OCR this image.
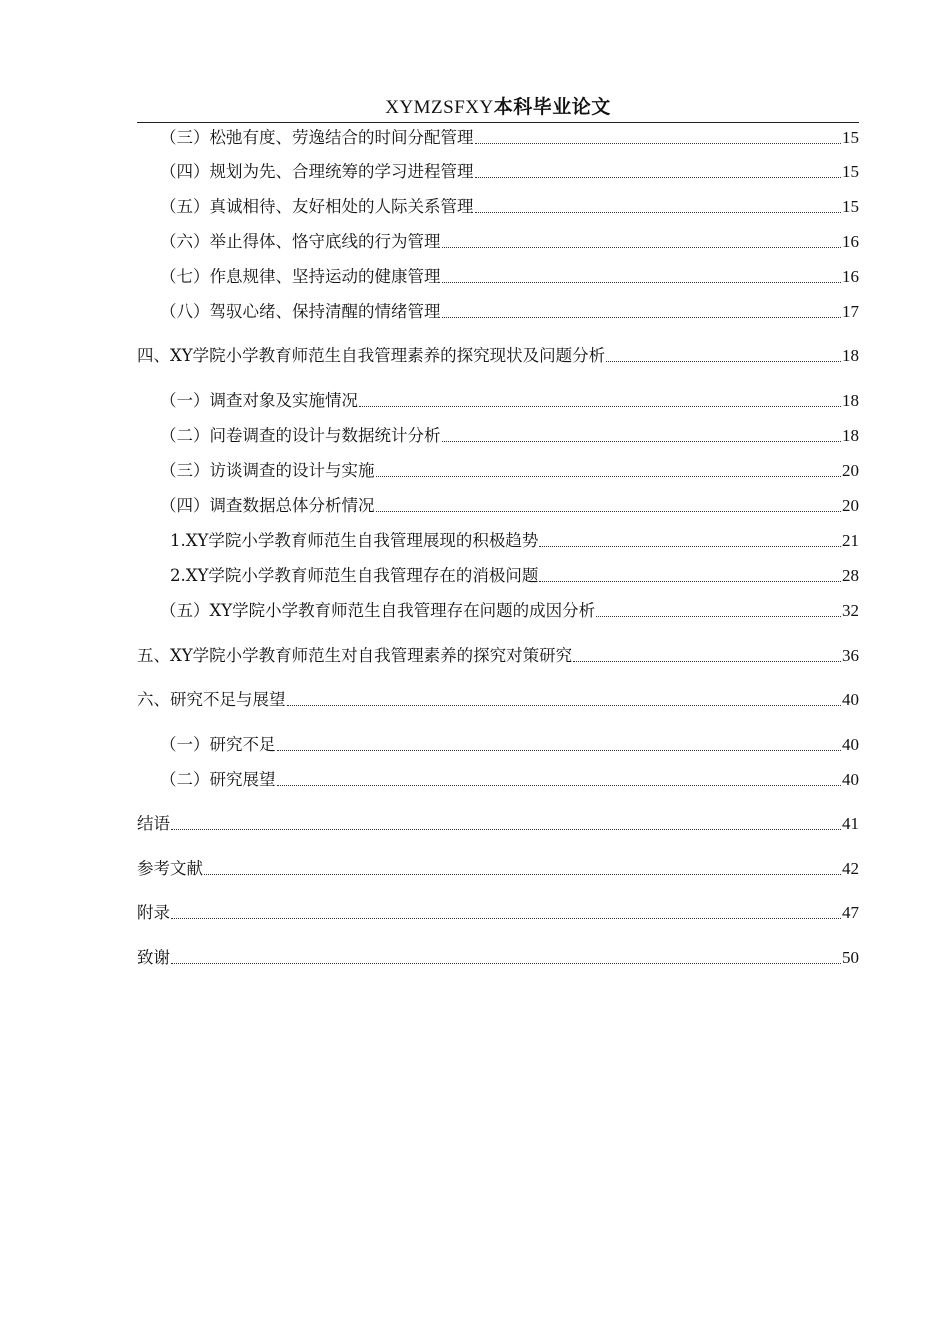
XYMZSFXY本科毕业论文
（三）松弛有度、劳逸结合的时间分配管理	15
（四）规划为先、合理统筹的学习进程管理	15
（五）真诚相待、友好相处的人际关系管理	15
（六）举止得体、恪守底线的行为管理	16
（七）作息规律、坚持运动的健康管理	16
（八）驾驭心绪、保持清醒的情绪管理	17
四、XY学院小学教育师范生自我管理素养的探究现状及问题分析	18
（一）调查对象及实施情况	18
（二）问卷调查的设计与数据统计分析	18
（三）访谈调查的设计与实施	20
（四）调查数据总体分析情况	20
1.XY学院小学教育师范生自我管理展现的积极趋势	21
2.XY学院小学教育师范生自我管理存在的消极问题	28
（五）XY学院小学教育师范生自我管理存在问题的成因分析	32
五、XY学院小学教育师范生对自我管理素养的探究对策研究	36
六、研究不足与展望	40
（一）研究不足	40
（二）研究展望	40
结语	41
参考文献	42
附录	47
致谢	50
